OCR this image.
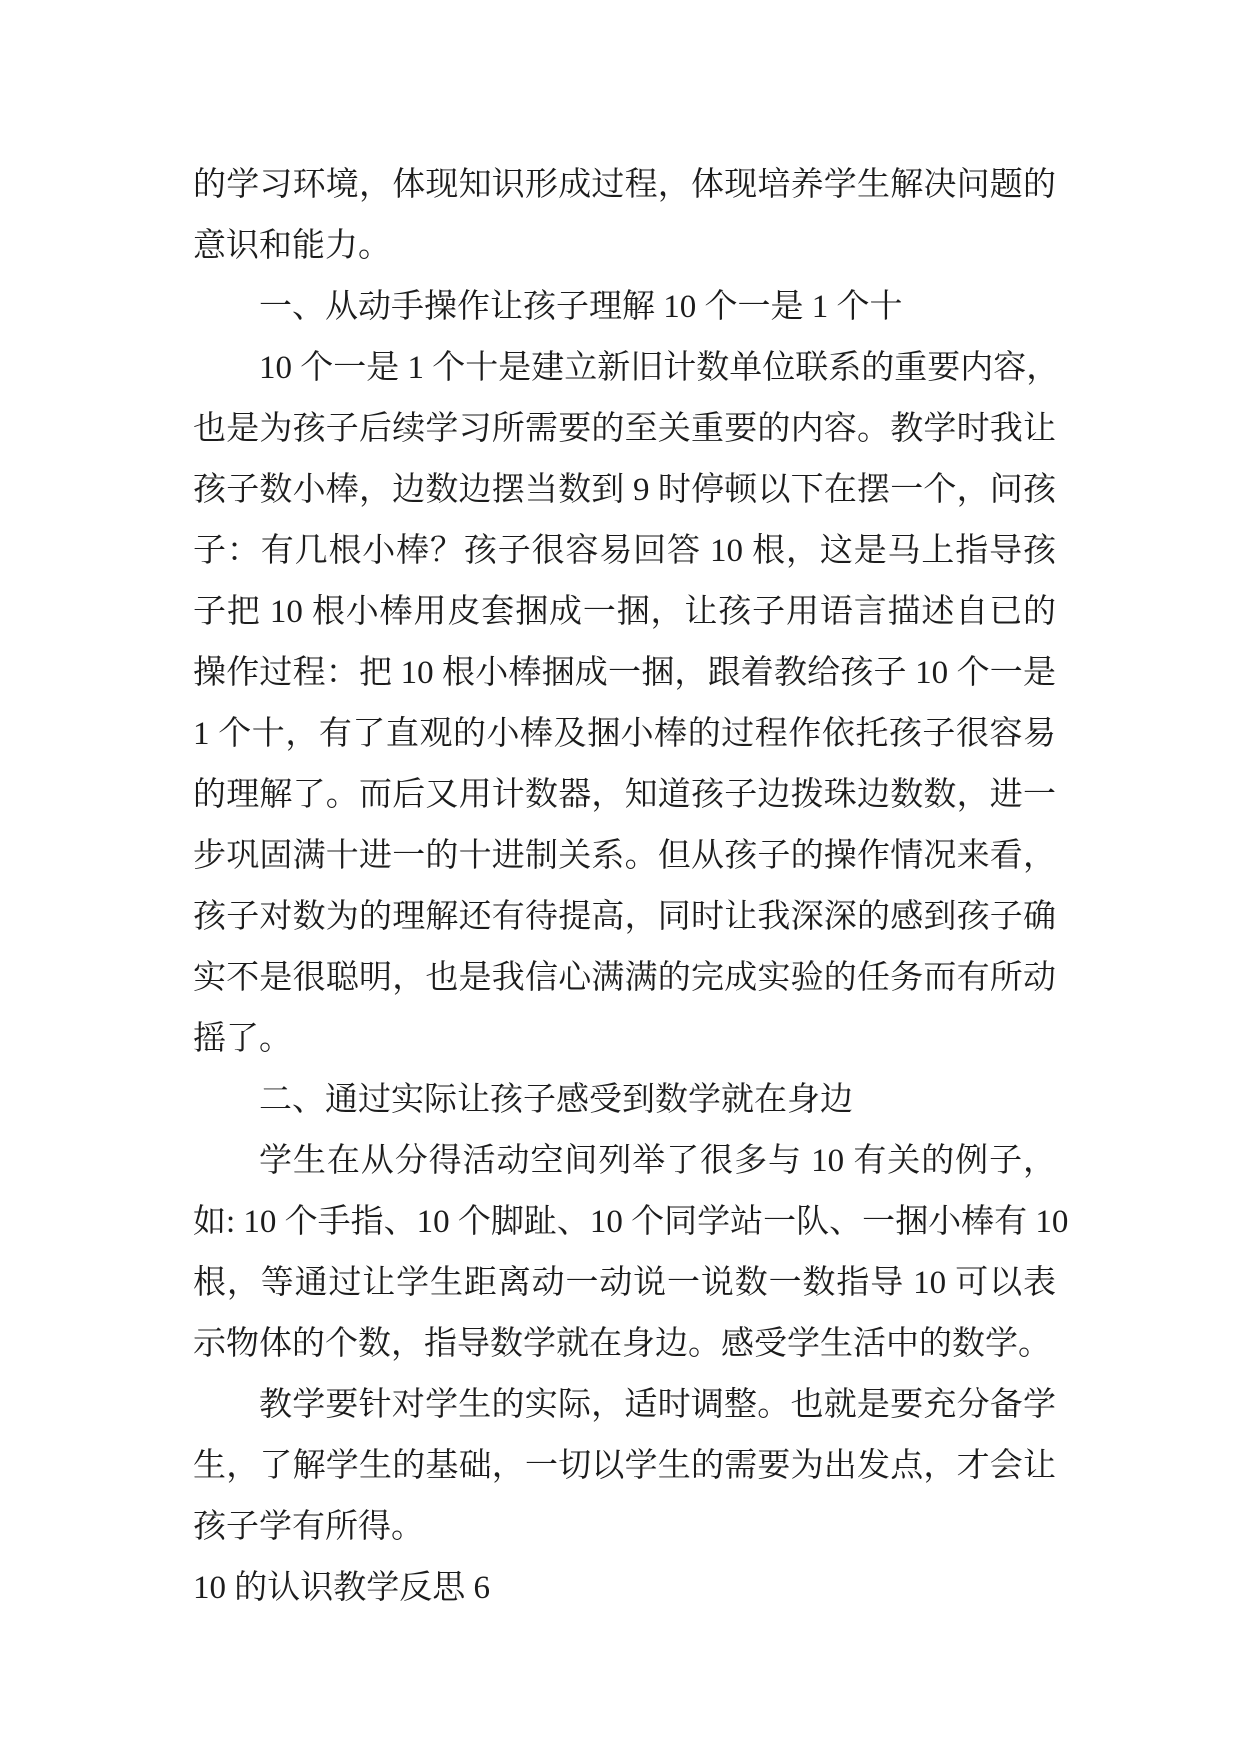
的学习环境，体现知识形成过程，体现培养学生解决问题的
意识和能力。
一、从动手操作让孩子理解 10 个一是 1 个十
10 个一是 1 个十是建立新旧计数单位联系的重要内容，
也是为孩子后续学习所需要的至关重要的内容。教学时我让
孩子数小棒，边数边摆当数到 9 时停顿以下在摆一个，问孩
子：有几根小棒？孩子很容易回答 10 根，这是马上指导孩
子把 10 根小棒用皮套捆成一捆，让孩子用语言描述自已的
操作过程：把 10 根小棒捆成一捆，跟着教给孩子 10 个一是
1 个十，有了直观的小棒及捆小棒的过程作依托孩子很容易
的理解了。而后又用计数器，知道孩子边拨珠边数数，进一
步巩固满十进一的十进制关系。但从孩子的操作情况来看，
孩子对数为的理解还有待提高，同时让我深深的感到孩子确
实不是很聪明，也是我信心满满的完成实验的任务而有所动
摇了。
二、通过实际让孩子感受到数学就在身边
学生在从分得活动空间列举了很多与 10 有关的例子，
如: 10 个手指、10 个脚趾、10 个同学站一队、一捆小棒有 10
根，等通过让学生距离动一动说一说数一数指导 10 可以表
示物体的个数，指导数学就在身边。感受学生活中的数学。
教学要针对学生的实际，适时调整。也就是要充分备学
生，了解学生的基础，一切以学生的需要为出发点，才会让
孩子学有所得。
10 的认识教学反思 6
